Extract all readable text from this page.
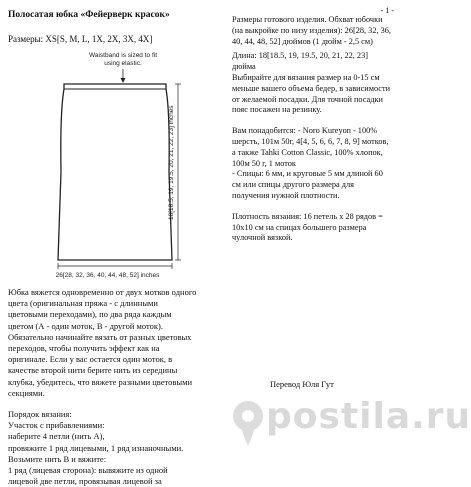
- 1 -
Полосатая юбка «Фейерверк красок»
Размеры: XS[S, M, L, 1X, 2X, 3X, 4X]
Waistband is sized to fit
using elastic.
18[18.5, 19, 19.5, 20, 21, 22, 23] inches
26[28, 32, 36, 40, 44, 48, 52] inches

Юбка вяжется одновременно от двух мотков одного цвета (оригинальная пряжа - с длинными цветовыми переходами), по два ряда каждым цветом (А - один моток, В - другой моток). Обязательно начинайте вязать от разных цветовых переходов, чтобы получить эффект как на оригинале. Если у вас остается один моток, в качестве второй нити берите нить из середины клубка, убедитесь, что вяжете разными цветовыми секциями.

Порядок вязания:
Участок с прибавлениями:
наберите 4 петли (нить А),
провяжите 1 ряд лицевыми, 1 ряд изнаночными.
Возьмите нить В и вяжите:
1 ряд (лицевая сторона): вывяжите из одной лицевой две петли, провязывая лицевой за

Размеры готового изделия. Обхват юбочки (на выкройке по низу изделия): 26[28, 32, 36, 40, 44, 48, 52] дюймов (1 дюйм - 2,5 см)

Длина: 18[18.5, 19, 19.5, 20, 21, 22, 23] дюйма

Выбирайте для вязания размер на 0-15 см меньше вашего объема бедер, в зависимости от желаемой посадки. Для точной посадки пояс посажен на резинку.

Вам понадобится: - Noro Kureyon - 100% шерсть, 101м 50г, 4[4, 5, 6, 6, 7, 8, 9] мотков, а также Tahki Cotton Classic, 100% хлопок, 100м 50 г, 1 моток

- Спицы: 6 мм, и круговые 5 мм длиной 60 см или спицы другого размера для получения нужной плотности.

Плотность вязания: 16 петель х 28 рядов = 10х10 см на спицах большего размера чулочной вязкой.

Перевод Юля Гут
postila.ru
